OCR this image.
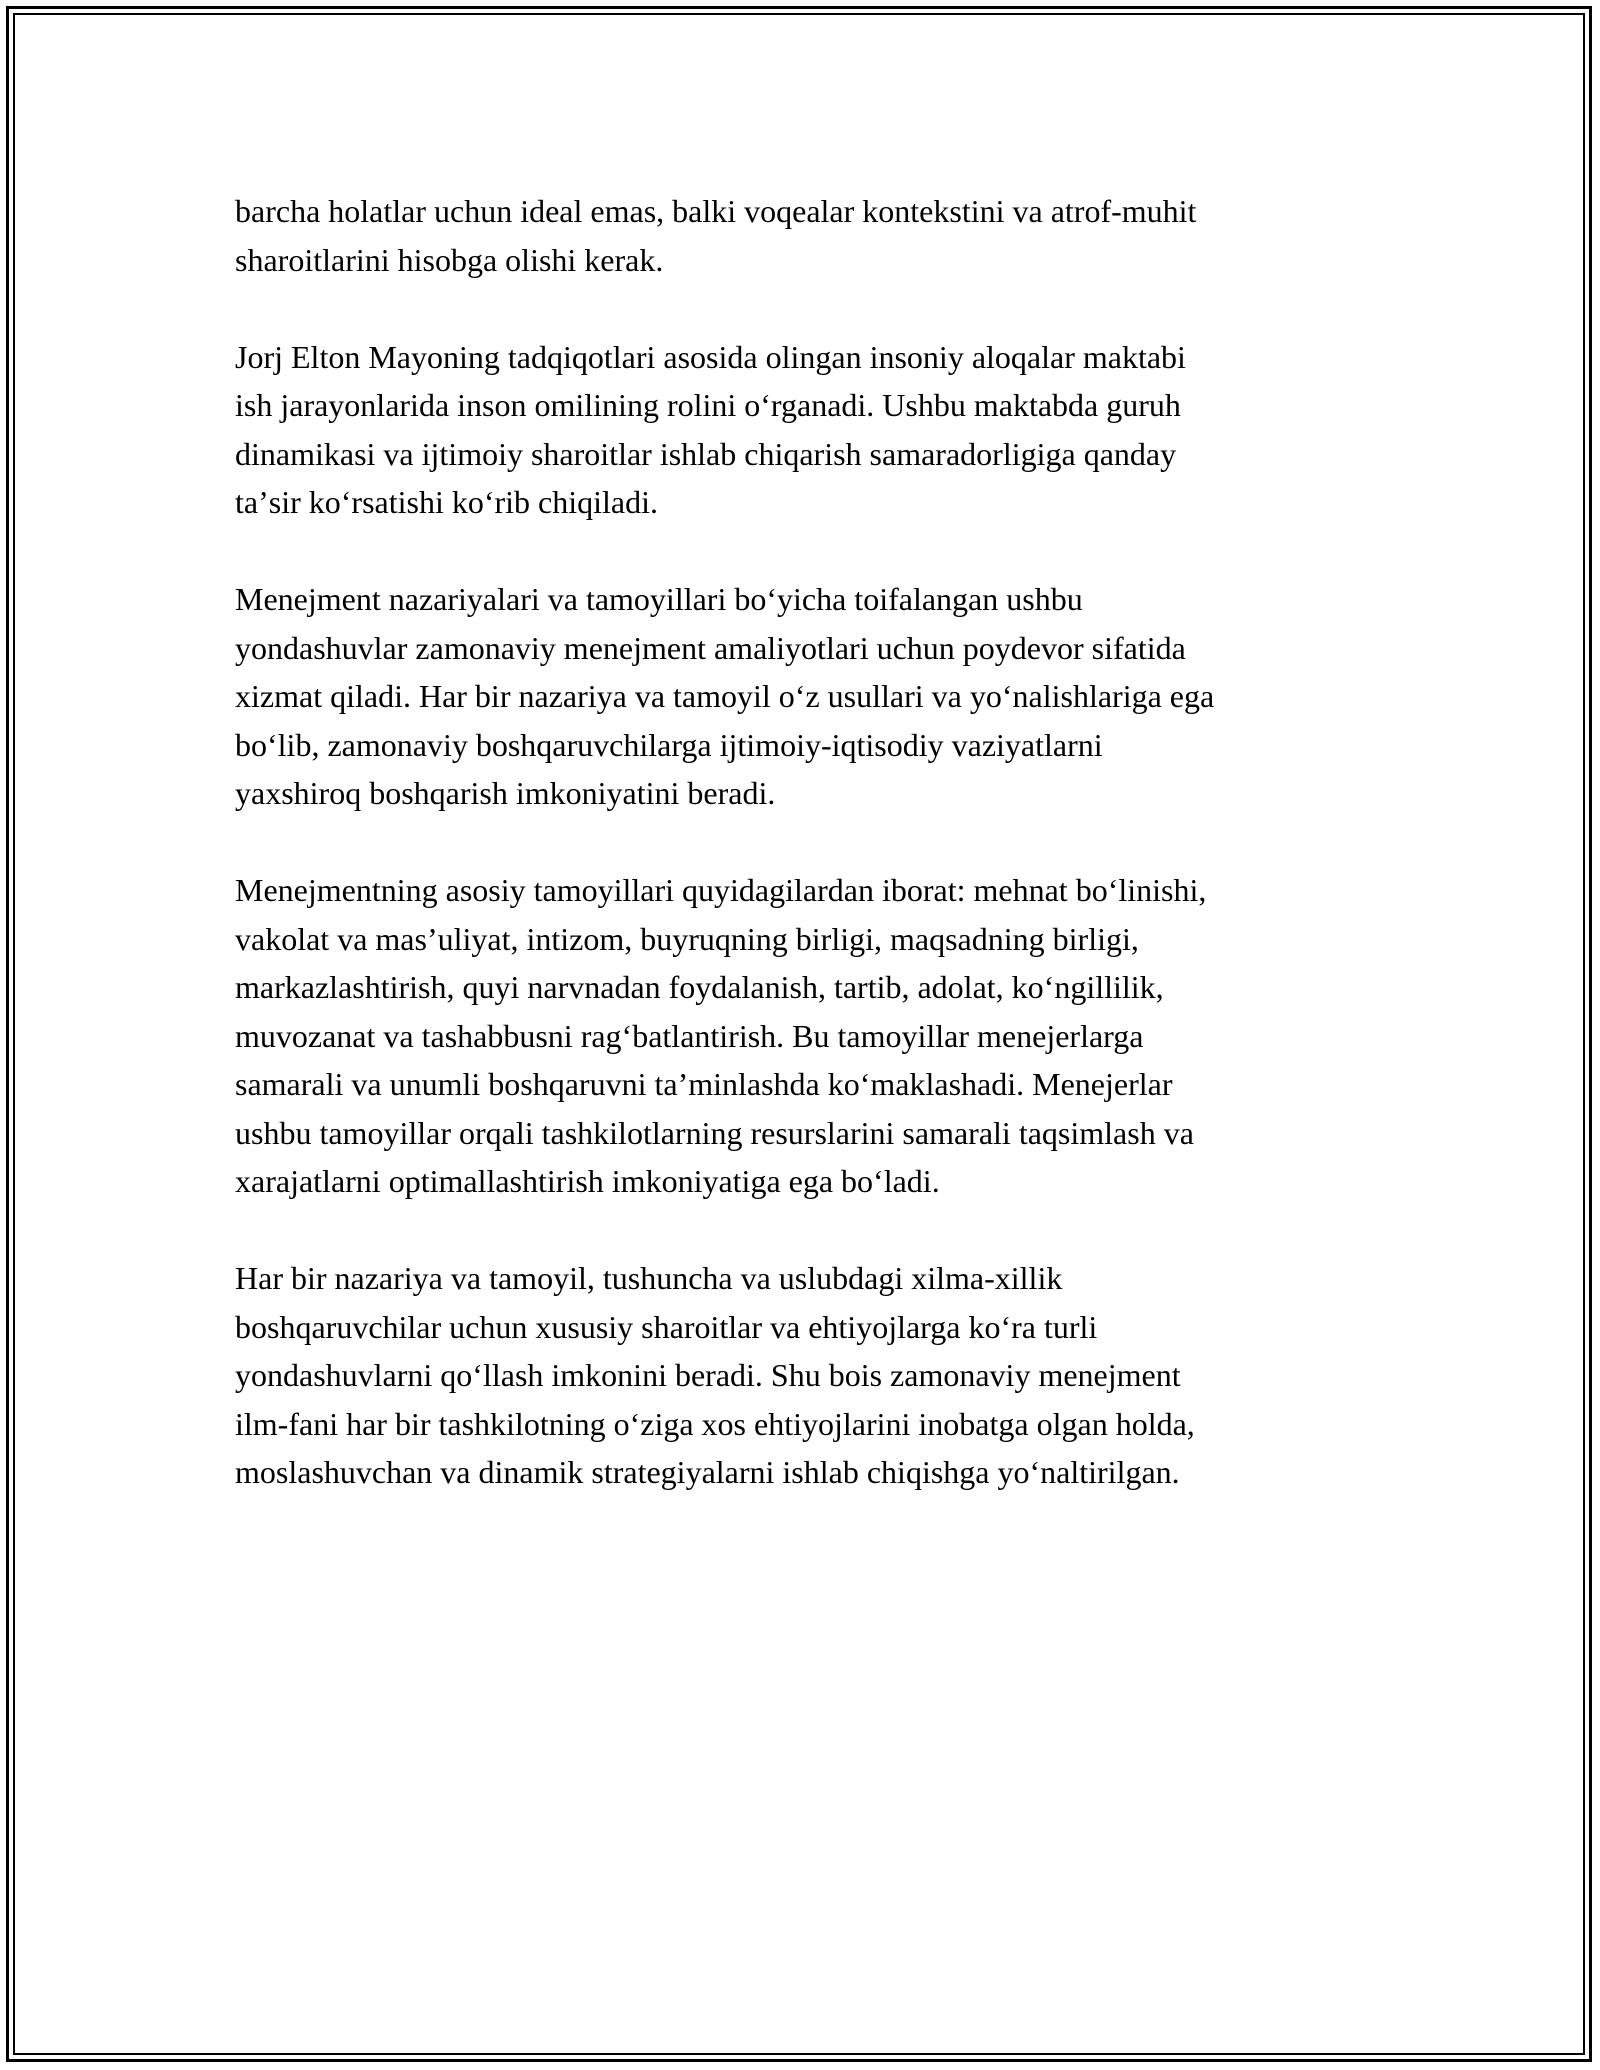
barcha holatlar uchun ideal emas, balki voqealar kontekstini va atrof-muhit
sharoitlarini hisobga olishi kerak.

Jorj Elton Mayoning tadqiqotlari asosida olingan insoniy aloqalar maktabi
ish jarayonlarida inson omilining rolini oʻrganadi. Ushbu maktabda guruh
dinamikasi va ijtimoiy sharoitlar ishlab chiqarish samaradorligiga qanday
taʼsir koʻrsatishi koʻrib chiqiladi.

Menejment nazariyalari va tamoyillari boʻyicha toifalangan ushbu
yondashuvlar zamonaviy menejment amaliyotlari uchun poydevor sifatida
xizmat qiladi. Har bir nazariya va tamoyil oʻz usullari va yoʻnalishlariga ega
boʻlib, zamonaviy boshqaruvchilarga ijtimoiy-iqtisodiy vaziyatlarni
yaxshiroq boshqarish imkoniyatini beradi.

Menejmentning asosiy tamoyillari quyidagilardan iborat: mehnat boʻlinishi,
vakolat va masʼuliyat, intizom, buyruqning birligi, maqsadning birligi,
markazlashtirish, quyi narvnadan foydalanish, tartib, adolat, koʻngillilik,
muvozanat va tashabbusni ragʻbatlantirish. Bu tamoyillar menejerlarga
samarali va unumli boshqaruvni taʼminlashda koʻmaklashadi. Menejerlar
ushbu tamoyillar orqali tashkilotlarning resurslarini samarali taqsimlash va
xarajatlarni optimallashtirish imkoniyatiga ega boʻladi.

Har bir nazariya va tamoyil, tushuncha va uslubdagi xilma-xillik
boshqaruvchilar uchun xususiy sharoitlar va ehtiyojlarga koʻra turli
yondashuvlarni qoʻllash imkonini beradi. Shu bois zamonaviy menejment
ilm-fani har bir tashkilotning oʻziga xos ehtiyojlarini inobatga olgan holda,
moslashuvchan va dinamik strategiyalarni ishlab chiqishga yoʻnaltirilgan.
